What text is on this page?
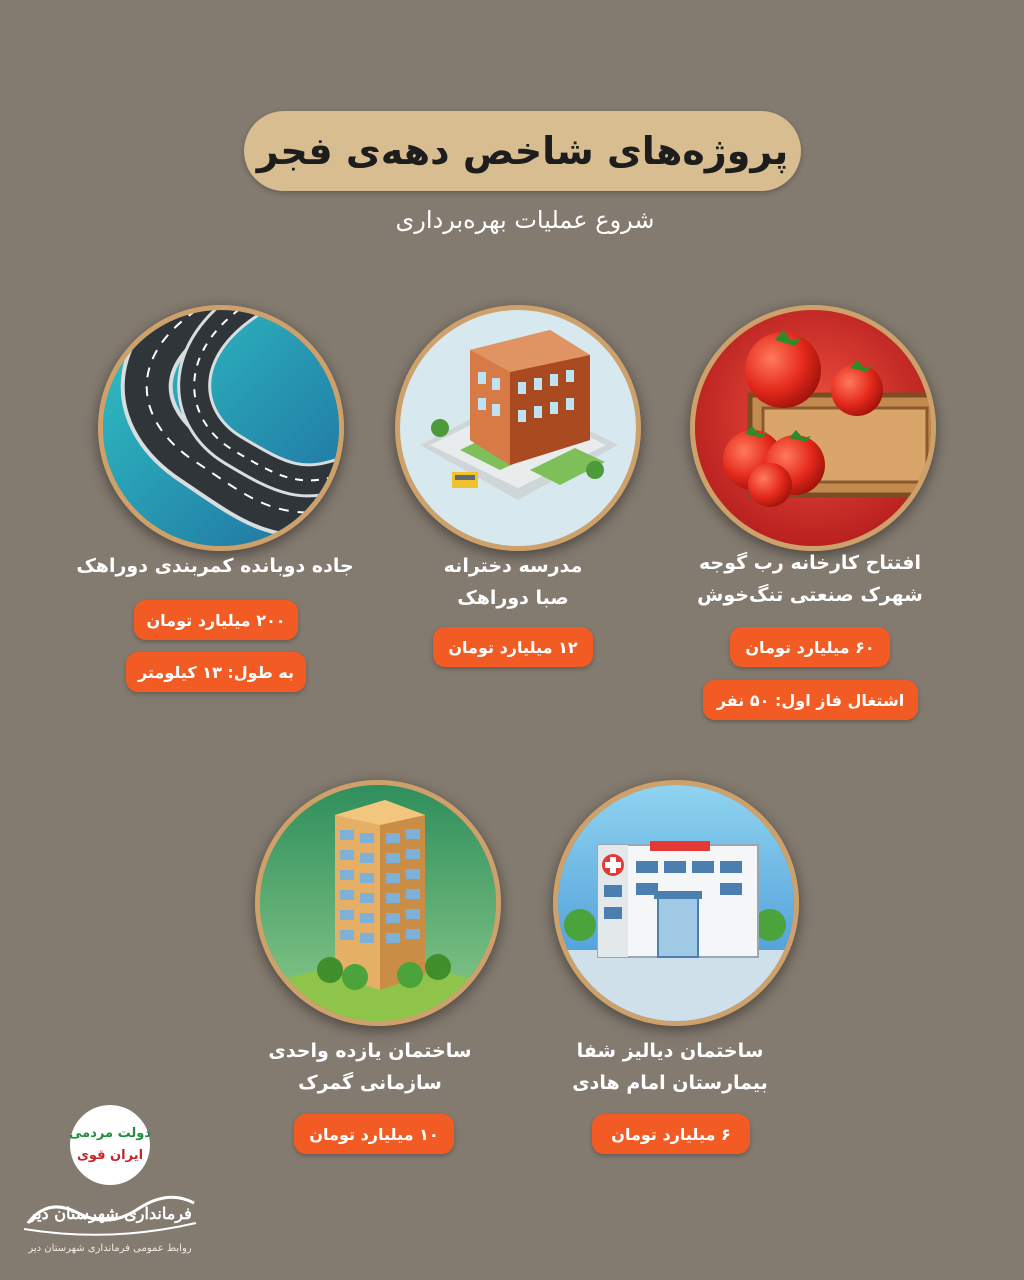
پروژه‌های شاخص دهه‌ی فجر
شروع عملیات بهره‌برداری
افتتاح کارخانه رب گوجه
شهرک صنعتی تنگ‌خوش
۶۰ میلیارد تومان
اشتغال فاز اول: ۵۰ نفر
مدرسه دخترانه
صبا دوراهک
۱۲ میلیارد تومان
جاده دوبانده کمربندی دوراهک
۲۰۰ میلیارد تومان
به طول: ۱۳ کیلومتر
ساختمان دیالیز شفا
بیمارستان امام هادی
۶ میلیارد تومان
ساختمان یازده واحدی
سازمانی گمرک
۱۰ میلیارد تومان
دولت مردمی
ایران قوی
فرمانداری شهرستان دیر
روابط عمومی فرمانداری شهرستان دیر
